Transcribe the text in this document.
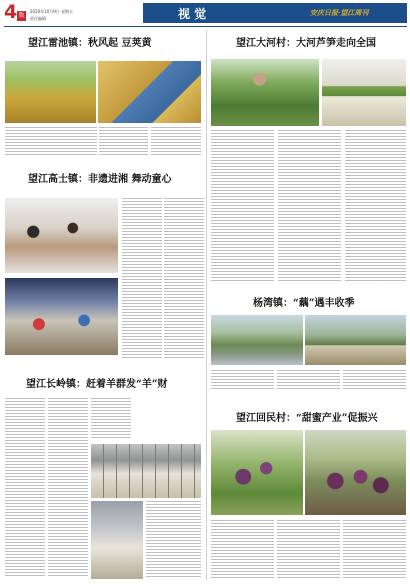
4 版
2020年10月9日 星期五
责任编辑	视 觉	安庆日报·望江周刊
望江雷池镇：秋风起 豆荚黄	望江大河村：大河芦笋走向全国
望江高士镇：非遗进湘 舞动童心
杨湾镇：“藕”遇丰收季
望江长岭镇：赶着羊群发“羊”财
望江回民村：“甜蜜产业”促振兴
